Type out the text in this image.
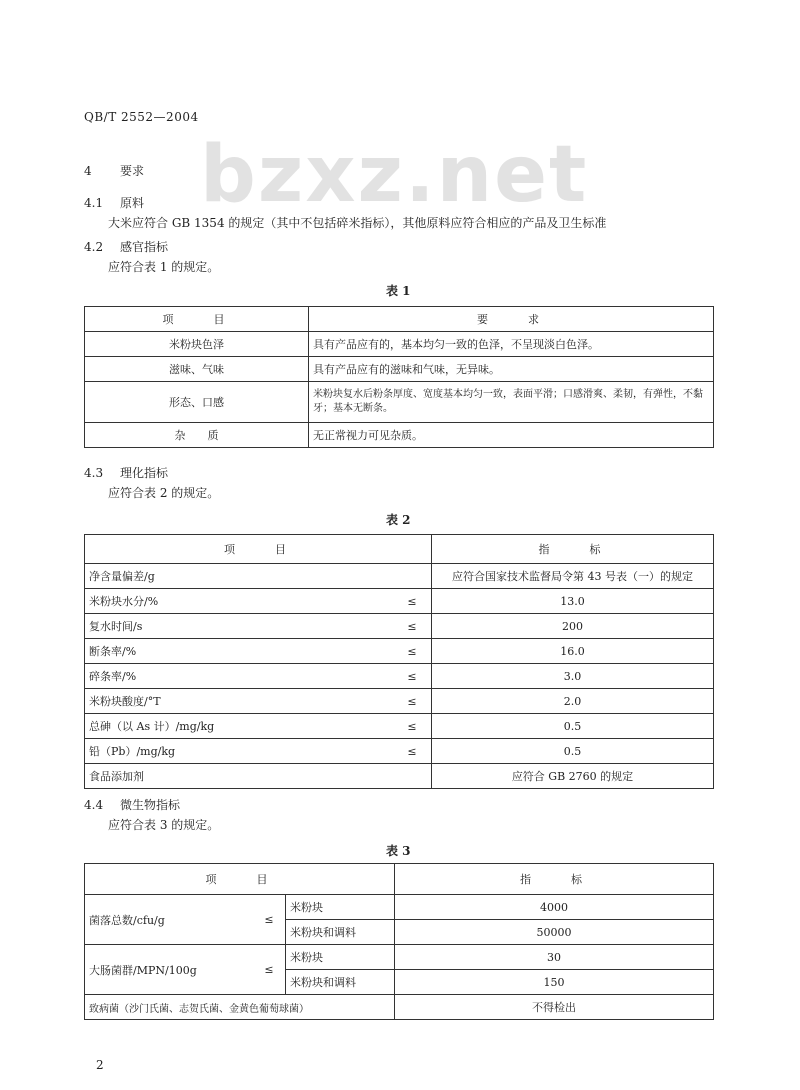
bzxz.net
QB/T 2552—2004
4 要求
4.1 原料
大米应符合 GB 1354 的规定（其中不包括碎米指标），其他原料应符合相应的产品及卫生标准
4.2 感官指标
应符合表 1 的规定。
表 1
项　　目	要　　求
米粉块色泽	具有产品应有的，基本均匀一致的色泽，不呈现淡白色泽。
滋味、气味	具有产品应有的滋味和气味，无异味。
形态、口感	米粉块复水后粉条厚度、宽度基本均匀一致，表面平滑；口感滑爽、柔韧，有弹性，不黏牙；基本无断条。
杂　　质	无正常视力可见杂质。
4.3 理化指标
应符合表 2 的规定。
表 2
项　　目		指　　标
净含量偏差/g		应符合国家技术监督局令第 43 号表（一）的规定
米粉块水分/%	≤	13.0
复水时间/s	≤	200
断条率/%	≤	16.0
碎条率/%	≤	3.0
米粉块酸度/°T	≤	2.0
总砷（以 As 计）/mg/kg	≤	0.5
铅（Pb）/mg/kg	≤	0.5
食品添加剂		应符合 GB 2760 的规定
4.4 微生物指标
应符合表 3 的规定。
表 3
项　　目			指　　标
菌落总数/cfu/g	≤	米粉块	4000
		米粉块和调料	50000
大肠菌群/MPN/100g	≤	米粉块	30
		米粉块和调料	150
致病菌（沙门氏菌、志贺氏菌、金黄色葡萄球菌）			不得检出
2
